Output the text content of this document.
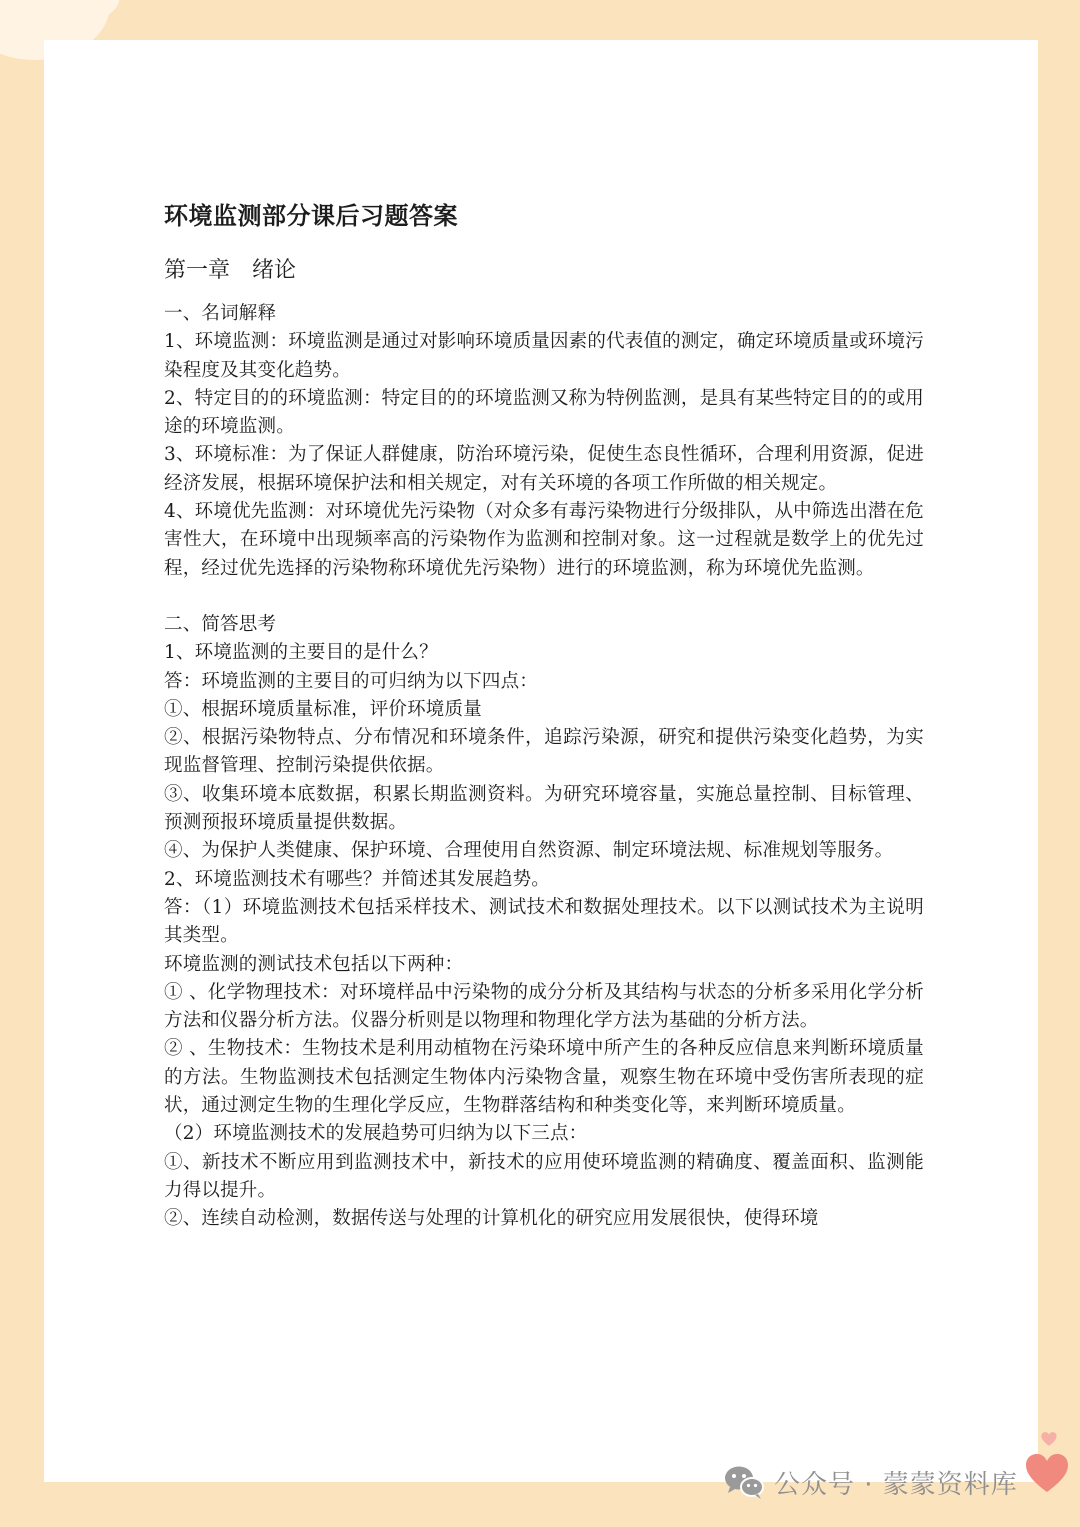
环境监测部分课后习题答案
第一章　绪论

一、名词解释

1、环境监测：环境监测是通过对影响环境质量因素的代表值的测定，确定环境质量或环境污染程度及其变化趋势。

2、特定目的的环境监测：特定目的的环境监测又称为特例监测，是具有某些特定目的的或用途的环境监测。

3、环境标准：为了保证人群健康，防治环境污染，促使生态良性循环，合理利用资源，促进经济发展，根据环境保护法和相关规定，对有关环境的各项工作所做的相关规定。

4、环境优先监测：对环境优先污染物（对众多有毒污染物进行分级排队，从中筛选出潜在危害性大，在环境中出现频率高的污染物作为监测和控制对象。这一过程就是数学上的优先过程，经过优先选择的污染物称环境优先污染物）进行的环境监测，称为环境优先监测。

二、简答思考

1、环境监测的主要目的是什么？

答：环境监测的主要目的可归纳为以下四点：

①、根据环境质量标准，评价环境质量

②、根据污染物特点、分布情况和环境条件，追踪污染源，研究和提供污染变化趋势，为实现监督管理、控制污染提供依据。

③、收集环境本底数据，积累长期监测资料。为研究环境容量，实施总量控制、目标管理、预测预报环境质量提供数据。

④、为保护人类健康、保护环境、合理使用自然资源、制定环境法规、标准规划等服务。

2、环境监测技术有哪些？并简述其发展趋势。

答：（1）环境监测技术包括采样技术、测试技术和数据处理技术。以下以测试技术为主说明其类型。

环境监测的测试技术包括以下两种：

① 、化学物理技术：对环境样品中污染物的成分分析及其结构与状态的分析多采用化学分析方法和仪器分析方法。仪器分析则是以物理和物理化学方法为基础的分析方法。

② 、生物技术：生物技术是利用动植物在污染环境中所产生的各种反应信息来判断环境质量的方法。生物监测技术包括测定生物体内污染物含量，观察生物在环境中受伤害所表现的症状，通过测定生物的生理化学反应，生物群落结构和种类变化等，来判断环境质量。

（2）环境监测技术的发展趋势可归纳为以下三点：

①、新技术不断应用到监测技术中，新技术的应用使环境监测的精确度、覆盖面积、监测能力得以提升。

②、连续自动检测，数据传送与处理的计算机化的研究应用发展很快，使得环境

公众号 · 蒙蒙资料库
